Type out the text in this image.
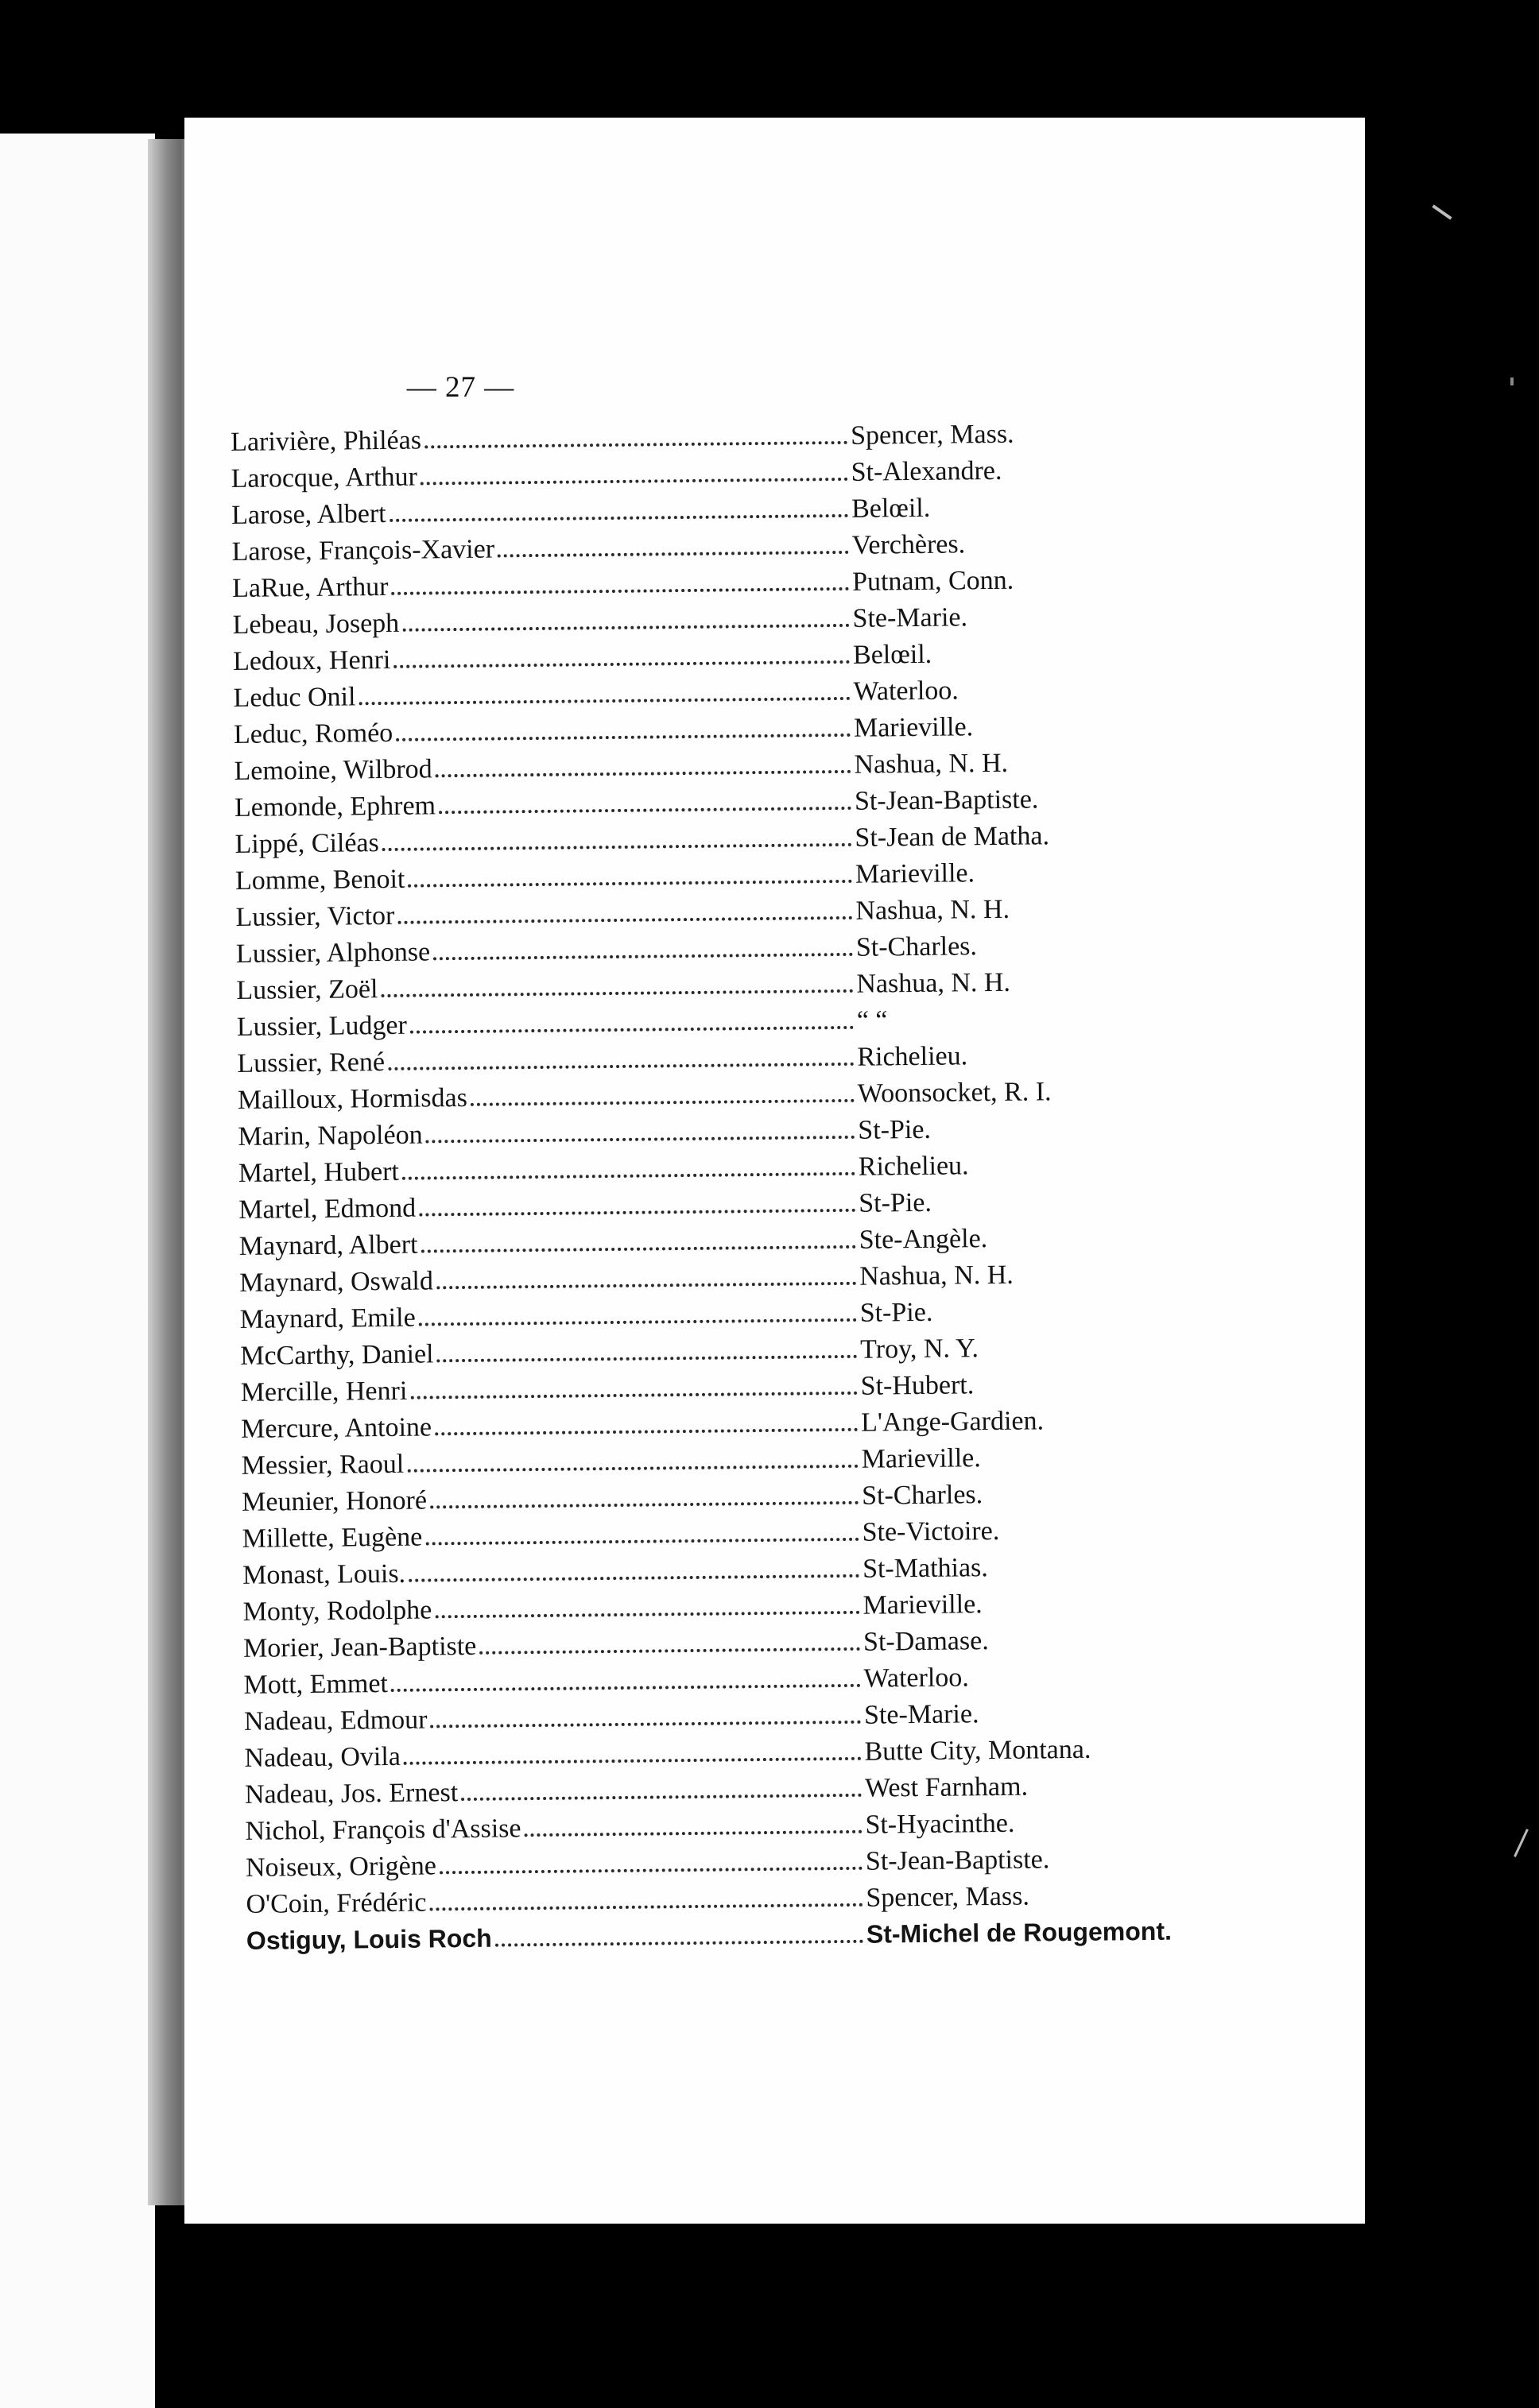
— 27 —
Larivière, Philéas	Spencer, Mass.
Larocque, Arthur	St-Alexandre.
Larose, Albert	Belœil.
Larose, François-Xavier	Verchères.
LaRue, Arthur	Putnam, Conn.
Lebeau, Joseph	Ste-Marie.
Ledoux, Henri	Belœil.
Leduc Onil	Waterloo.
Leduc, Roméo	Marieville.
Lemoine, Wilbrod	Nashua, N. H.
Lemonde, Ephrem	St-Jean-Baptiste.
Lippé, Ciléas	St-Jean de Matha.
Lomme, Benoit	Marieville.
Lussier, Victor	Nashua, N. H.
Lussier, Alphonse	St-Charles.
Lussier, Zoël	Nashua, N. H.
Lussier, Ludger	“ “
Lussier, René	Richelieu.
Mailloux, Hormisdas	Woonsocket, R. I.
Marin, Napoléon	St-Pie.
Martel, Hubert	Richelieu.
Martel, Edmond	St-Pie.
Maynard, Albert	Ste-Angèle.
Maynard, Oswald	Nashua, N. H.
Maynard, Emile	St-Pie.
McCarthy, Daniel	Troy, N. Y.
Mercille, Henri	St-Hubert.
Mercure, Antoine	L'Ange-Gardien.
Messier, Raoul	Marieville.
Meunier, Honoré	St-Charles.
Millette, Eugène	Ste-Victoire.
Monast, Louis.	St-Mathias.
Monty, Rodolphe	Marieville.
Morier, Jean-Baptiste	St-Damase.
Mott, Emmet	Waterloo.
Nadeau, Edmour	Ste-Marie.
Nadeau, Ovila	Butte City, Montana.
Nadeau, Jos. Ernest	West Farnham.
Nichol, François d'Assise	St-Hyacinthe.
Noiseux, Origène	St-Jean-Baptiste.
O'Coin, Frédéric	Spencer, Mass.
Ostiguy, Louis Roch	St-Michel de Rougemont.
